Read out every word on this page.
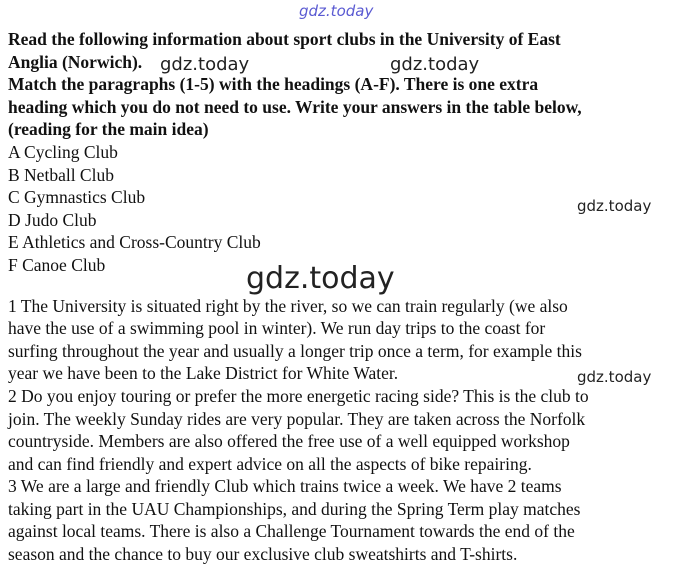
Read the following information about sport clubs in the University of East
Anglia (Norwich).
Match the paragraphs (1-5) with the headings (A-F). There is one extra
heading which you do not need to use. Write your answers in the table below,
(reading for the main idea)
A Cycling Club
B Netball Club
C Gymnastics Club
D Judo Club
E Athletics and Cross-Country Club
F Canoe Club
1 The University is situated right by the river, so we can train regularly (we also
have the use of a swimming pool in winter). We run day trips to the coast for
surfing throughout the year and usually a longer trip once a term, for example this
year we have been to the Lake District for White Water.
2 Do you enjoy touring or prefer the more energetic racing side? This is the club to
join. The weekly Sunday rides are very popular. They are taken across the Norfolk
countryside. Members are also offered the free use of a well equipped workshop
and can find friendly and expert advice on all the aspects of bike repairing.
3 We are a large and friendly Club which trains twice a week. We have 2 teams
taking part in the UAU Championships, and during the Spring Term play matches
against local teams. There is also a Challenge Tournament towards the end of the
season and the chance to buy our exclusive club sweatshirts and T-shirts.
gdz.today
gdz.today	gdz.today
gdz.today
gdz.today
gdz.today
